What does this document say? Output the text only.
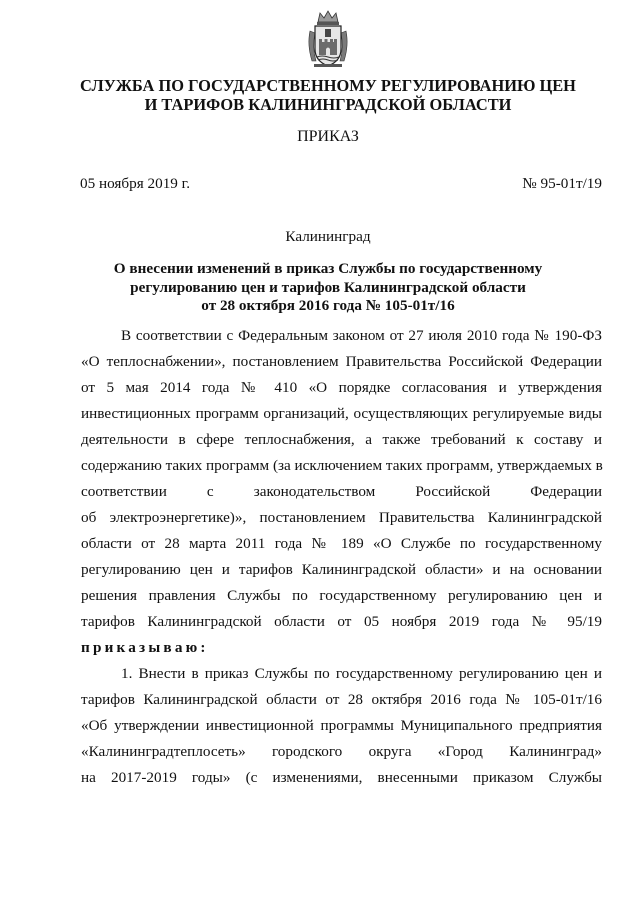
СЛУЖБА ПО ГОСУДАРСТВЕННОМУ РЕГУЛИРОВАНИЮ ЦЕН
И ТАРИФОВ КАЛИНИНГРАДСКОЙ ОБЛАСТИ
ПРИКАЗ
05 ноября 2019 г.	№ 95-01т/19
Калининград
О внесении изменений в приказ Службы по государственному
регулированию цен и тарифов Калининградской области
от 28 октября 2016 года № 105-01т/16
В соответствии с Федеральным законом от 27 июля 2010 года № 190-ФЗ
«О теплоснабжении», постановлением Правительства Российской Федерации
от 5 мая 2014 года № 410 «О порядке согласования и утверждения
инвестиционных программ организаций, осуществляющих регулируемые виды
деятельности в сфере теплоснабжения, а также требований к составу и
содержанию таких программ (за исключением таких программ, утверждаемых в
соответствии с законодательством Российской Федерации
об электроэнергетике)», постановлением Правительства Калининградской
области от 28 марта 2011 года № 189 «О Службе по государственному
регулированию цен и тарифов Калининградской области» и на основании
решения правления Службы по государственному регулированию цен и
тарифов Калининградской области от 05 ноября 2019 года № 95/19
приказываю:
1. Внести в приказ Службы по государственному регулированию цен и
тарифов Калининградской области от 28 октября 2016 года № 105-01т/16
«Об утверждении инвестиционной программы Муниципального предприятия
«Калининградтеплосеть» городского округа «Город Калининград»
на 2017-2019 годы» (с изменениями, внесенными приказом Службы
